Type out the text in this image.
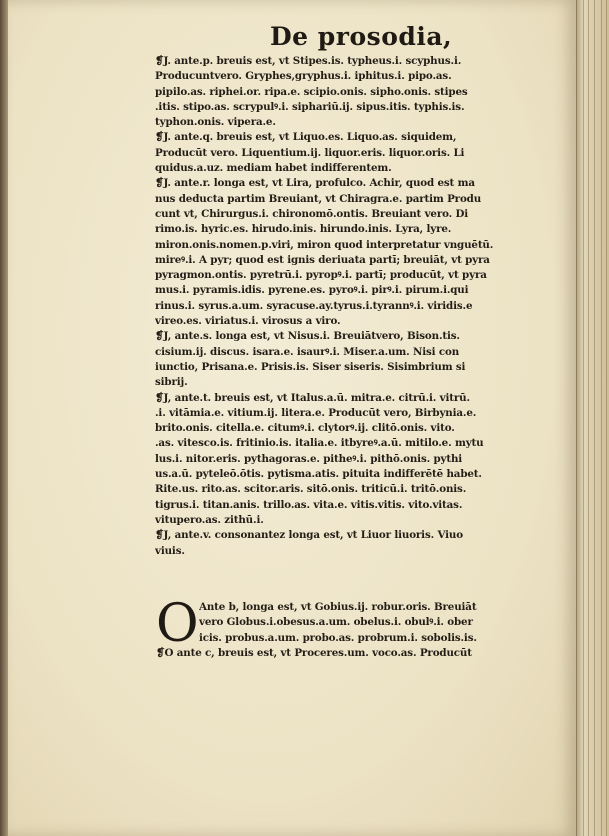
De prosodia,
❡J. ante.p. breuis est, vt Stipes.is. typheus.i. scyphus.i.
Producuntvero. Gryphes,gryphus.i. iphitus.i. pipo.as.
pipilo.as. riphei.or. ripa.e. scipio.onis. sipho.onis. stipes
.itis. stipo.as. scrypulꝰ.i. siphariū.ij. sipus.itis. typhis.is.
typhon.onis. vipera.e.
❡J. ante.q. breuis est, vt Liquo.es. Liquo.as. siquidem,
Producūt vero. Liquentium.ij. liquor.eris. liquor.oris. Li
quidus.a.uz. mediam habet indifferentem.
❡J. ante.r. longa est, vt Lira, profulco. Achir, quod est ma
nus deducta partim Breuiant, vt Chiragra.e. partim Produ
cunt vt, Chirurgus.i. chironomō.ontis. Breuiant vero. Di
rimo.is. hyric.es. hirudo.inis. hirundo.inis. Lyra, lyre.
miron.onis.nomen.p.viri, miron quod interpretatur vnguētū.
mireꝰ.i. A pyr; quod est ignis deriuata partī; breuiāt, vt pyra
pyragmon.ontis. pyretrū.i. pyropꝰ.i. partī; producūt, vt pyra
mus.i. pyramis.idis. pyrene.es. pyroꝰ.i. pirꝰ.i. pirum.i.qui
rinus.i. syrus.a.um. syracuse.ay.tyrus.i.tyrannꝰ.i. viridis.e
vireo.es. viriatus.i. virosus a viro.
❡J, ante.s. longa est, vt Nisus.i. Breuiātvero, Bison.tis.
cisium.ij. discus. isara.e. isaurꝰ.i. Miser.a.um. Nisi con
iunctio, Prisana.e. Prisis.is. Siser siseris. Sisimbrium si
sibrij.
❡J, ante.t. breuis est, vt Italus.a.ū. mitra.e. citrū.i. vitrū.
.i. vitāmia.e. vitium.ij. litera.e. Producūt vero, Birbynia.e.
brito.onis. citella.e. citumꝰ.i. clytorꝰ.ij. clitō.onis. vito.
.as. vitesco.is. fritinio.is. italia.e. itbyreꝰ.a.ū. mitilo.e. mytu
lus.i. nitor.eris. pythagoras.e. pitheꝰ.i. pithō.onis. pythi
us.a.ū. pyteleō.ōtis. pytisma.atis. pituita indifferētē habet.
Rite.us. rito.as. scitor.aris. sitō.onis. triticū.i. tritō.onis.
tigrus.i. titan.anis. trillo.as. vita.e. vitis.vitis. vito.vitas.
vitupero.as. zithū.i.
❡J, ante.v. consonantez longa est, vt Liuor liuoris. Viuo
viuis.
O Ante b, longa est, vt Gobius.ij. robur.oris. Breuiāt
vero Globus.i.obesus.a.um. obelus.i. obulꝰ.i. ober
icis. probus.a.um. probo.as. probrum.i. sobolis.is.
❡O ante c, breuis est, vt Proceres.um. voco.as. Producūt
